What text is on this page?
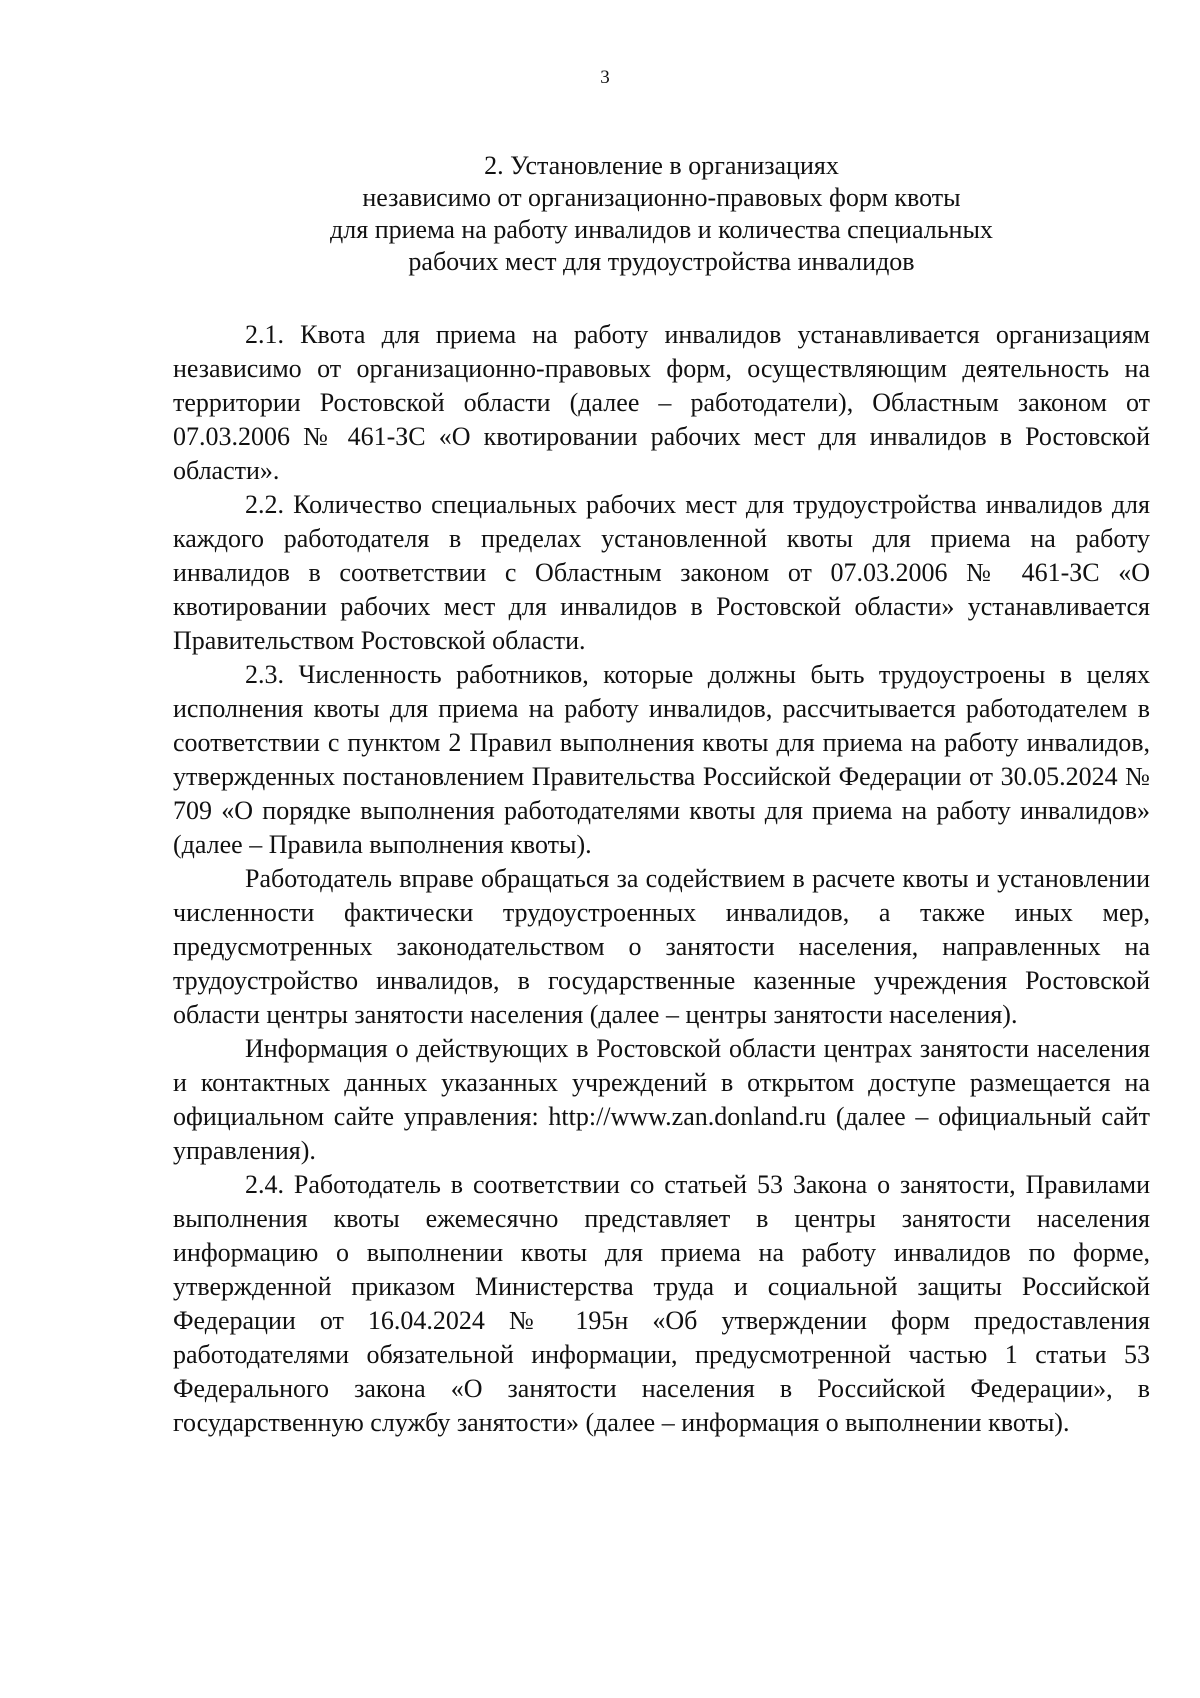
3
2. Установление в организациях
независимо от организационно-правовых форм квоты
для приема на работу инвалидов и количества специальных
рабочих мест для трудоустройства инвалидов

2.1. Квота для приема на работу инвалидов устанавливается организациям независимо от организационно-правовых форм, осуществляющим деятельность на территории Ростовской области (далее – работодатели), Областным законом от 07.03.2006 № 461-ЗС «О квотировании рабочих мест для инвалидов в Ростовской области».

2.2. Количество специальных рабочих мест для трудоустройства инвалидов для каждого работодателя в пределах установленной квоты для приема на работу инвалидов в соответствии с Областным законом от 07.03.2006 № 461-ЗС «О квотировании рабочих мест для инвалидов в Ростовской области» устанавливается Правительством Ростовской области.

2.3. Численность работников, которые должны быть трудоустроены в целях исполнения квоты для приема на работу инвалидов, рассчитывается работодателем в соответствии с пунктом 2 Правил выполнения квоты для приема на работу инвалидов, утвержденных постановлением Правительства Российской Федерации от 30.05.2024 № 709 «О порядке выполнения работодателями квоты для приема на работу инвалидов» (далее – Правила выполнения квоты).

Работодатель вправе обращаться за содействием в расчете квоты и установлении численности фактически трудоустроенных инвалидов, а также иных мер, предусмотренных законодательством о занятости населения, направленных на трудоустройство инвалидов, в государственные казенные учреждения Ростовской области центры занятости населения (далее – центры занятости населения).

Информация о действующих в Ростовской области центрах занятости населения и контактных данных указанных учреждений в открытом доступе размещается на официальном сайте управления: http://www.zan.donland.ru (далее – официальный сайт управления).

2.4. Работодатель в соответствии со статьей 53 Закона о занятости, Правилами выполнения квоты ежемесячно представляет в центры занятости населения информацию о выполнении квоты для приема на работу инвалидов по форме, утвержденной приказом Министерства труда и социальной защиты Российской Федерации от 16.04.2024 № 195н «Об утверждении форм предоставления работодателями обязательной информации, предусмотренной частью 1 статьи 53 Федерального закона «О занятости населения в Российской Федерации», в государственную службу занятости» (далее – информация о выполнении квоты).
